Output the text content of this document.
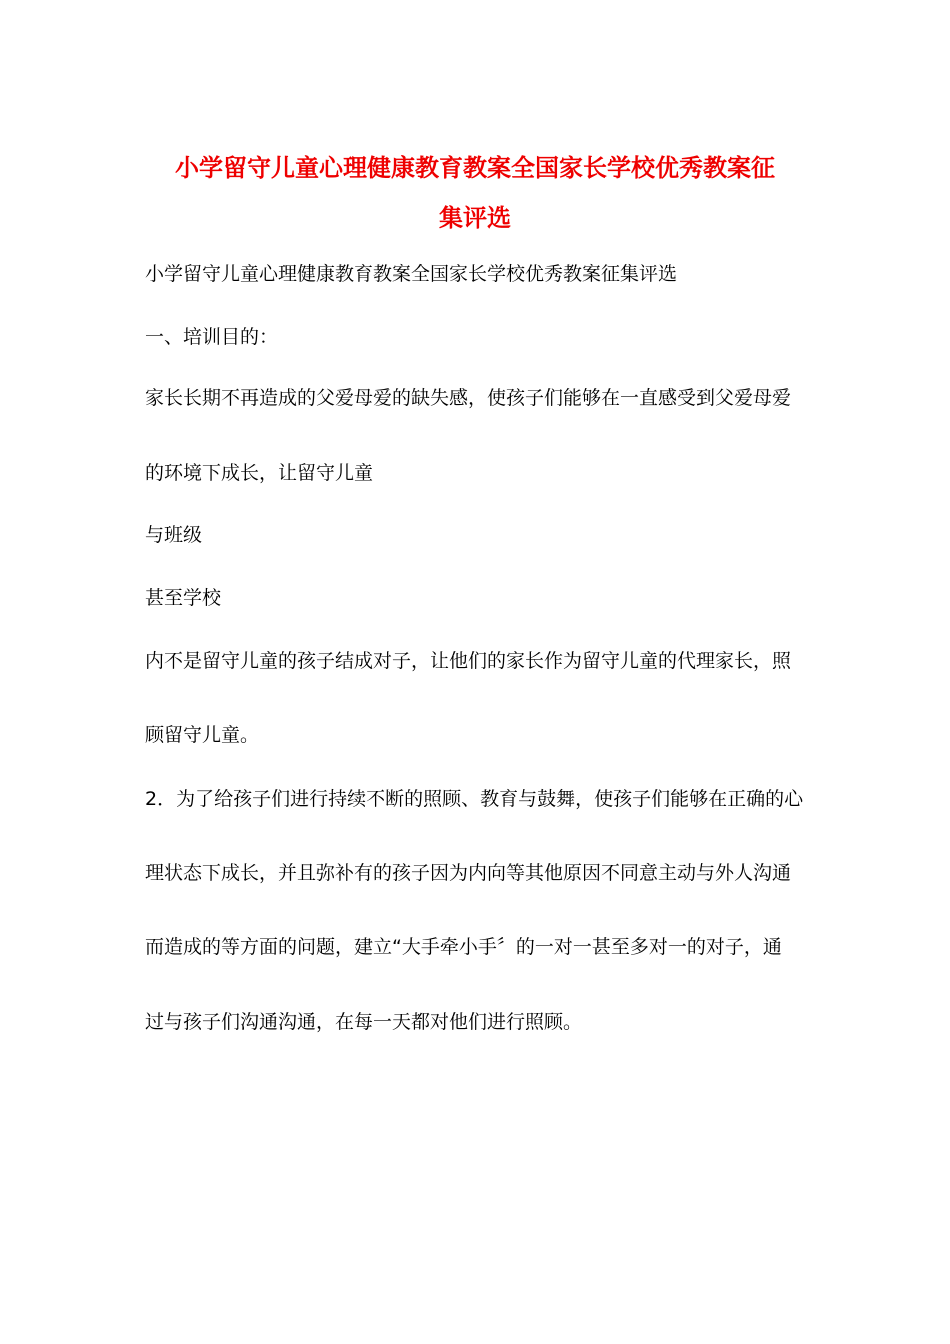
小学留守儿童心理健康教育教案全国家长学校优秀教案征
集评选
小学留守儿童心理健康教育教案全国家长学校优秀教案征集评选
一、培训目的：
家长长期不再造成的父爱母爱的缺失感，使孩子们能够在一直感受到父爱母爱
的环境下成长，让留守儿童
与班级
甚至学校
内不是留守儿童的孩子结成对子，让他们的家长作为留守儿童的代理家长，照
顾留守儿童。
2．为了给孩子们进行持续不断的照顾、教育与鼓舞，使孩子们能够在正确的心
理状态下成长，并且弥补有的孩子因为内向等其他原因不同意主动与外人沟通
而造成的等方面的问题，建立“大手牵小手〞的一对一甚至多对一的对子，通
过与孩子们沟通沟通，在每一天都对他们进行照顾。
